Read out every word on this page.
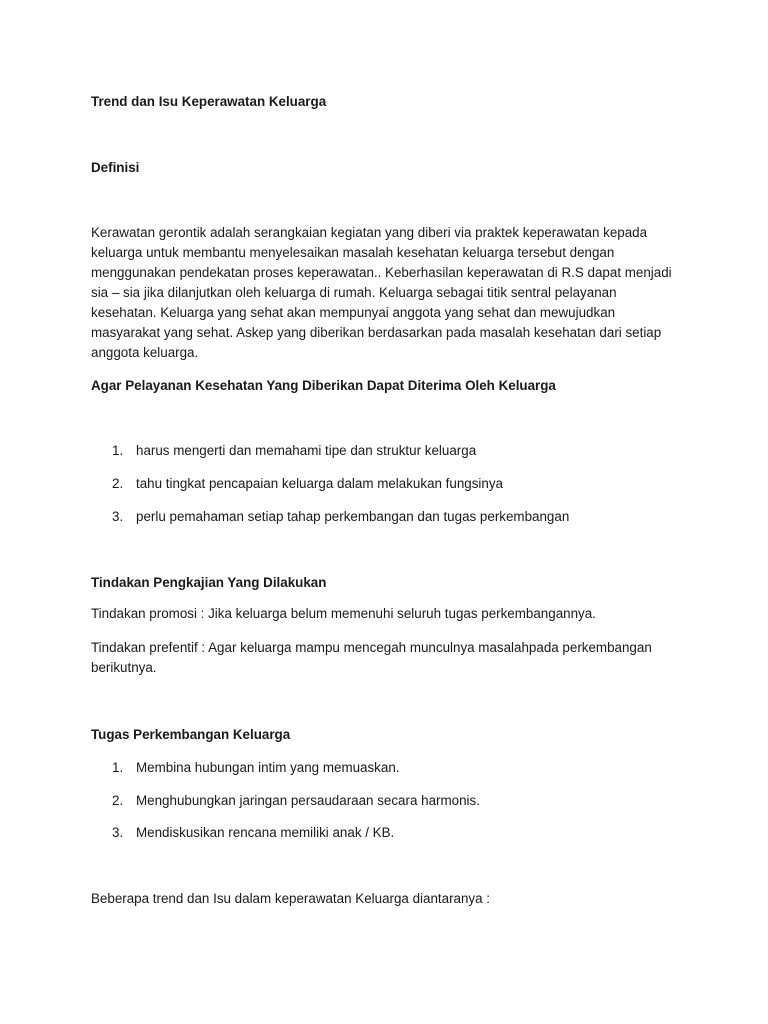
Trend dan Isu Keperawatan Keluarga
Definisi
Kerawatan gerontik adalah serangkaian kegiatan yang diberi via praktek keperawatan kepada keluarga untuk membantu menyelesaikan masalah kesehatan keluarga tersebut dengan menggunakan pendekatan proses keperawatan.. Keberhasilan keperawatan di R.S dapat menjadi sia – sia jika dilanjutkan oleh keluarga di rumah. Keluarga sebagai titik sentral pelayanan kesehatan. Keluarga yang sehat akan mempunyai anggota yang sehat dan mewujudkan masyarakat yang sehat. Askep yang diberikan berdasarkan pada masalah kesehatan dari setiap anggota keluarga.
Agar Pelayanan Kesehatan Yang Diberikan Dapat Diterima Oleh Keluarga
1. harus mengerti dan memahami tipe dan struktur keluarga
2. tahu tingkat pencapaian keluarga dalam melakukan fungsinya
3. perlu pemahaman setiap tahap perkembangan dan tugas perkembangan
Tindakan Pengkajian Yang Dilakukan
Tindakan promosi : Jika keluarga belum memenuhi seluruh tugas perkembangannya.
Tindakan prefentif : Agar keluarga mampu mencegah munculnya masalahpada perkembangan berikutnya.
Tugas Perkembangan Keluarga
1. Membina hubungan intim yang memuaskan.
2. Menghubungkan jaringan persaudaraan secara harmonis.
3. Mendiskusikan rencana memiliki anak / KB.
Beberapa trend dan Isu dalam keperawatan Keluarga diantaranya :
